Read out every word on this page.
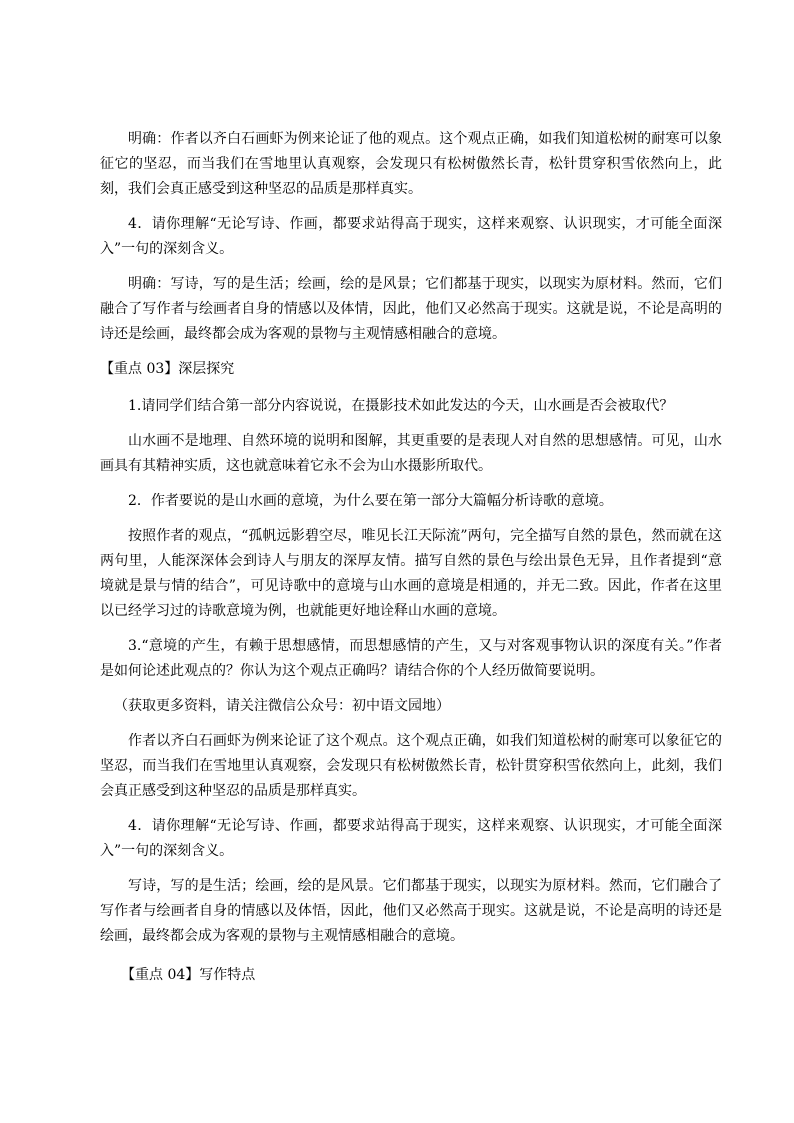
明确：作者以齐白石画虾为例来论证了他的观点。这个观点正确，如我们知道松树的耐寒可以象征它的坚忍，而当我们在雪地里认真观察，会发现只有松树傲然长青，松针贯穿积雪依然向上，此刻，我们会真正感受到这种坚忍的品质是那样真实。

4．请你理解“无论写诗、作画，都要求站得高于现实，这样来观察、认识现实，才可能全面深入”一句的深刻含义。

明确：写诗，写的是生活；绘画，绘的是风景；它们都基于现实，以现实为原材料。然而，它们融合了写作者与绘画者自身的情感以及体情，因此，他们又必然高于现实。这就是说，不论是高明的诗还是绘画，最终都会成为客观的景物与主观情感相融合的意境。

【重点 03】深层探究

1.请同学们结合第一部分内容说说，在摄影技术如此发达的今天，山水画是否会被取代？

山水画不是地理、自然环境的说明和图解，其更重要的是表现人对自然的思想感情。可见，山水画具有其精神实质，这也就意味着它永不会为山水摄影所取代。

2．作者要说的是山水画的意境，为什么要在第一部分大篇幅分析诗歌的意境。

按照作者的观点，“孤帆远影碧空尽，唯见长江天际流”两句，完全描写自然的景色，然而就在这两句里，人能深深体会到诗人与朋友的深厚友情。描写自然的景色与绘出景色无异，且作者提到“意境就是景与情的结合”，可见诗歌中的意境与山水画的意境是相通的，并无二致。因此，作者在这里以已经学习过的诗歌意境为例，也就能更好地诠释山水画的意境。

3.“意境的产生，有赖于思想感情，而思想感情的产生，又与对客观事物认识的深度有关。”作者是如何论述此观点的？你认为这个观点正确吗？请结合你的个人经历做简要说明。

（获取更多资料，请关注微信公众号：初中语文园地）

作者以齐白石画虾为例来论证了这个观点。这个观点正确，如我们知道松树的耐寒可以象征它的坚忍，而当我们在雪地里认真观察，会发现只有松树傲然长青，松针贯穿积雪依然向上，此刻，我们会真正感受到这种坚忍的品质是那样真实。

4．请你理解“无论写诗、作画，都要求站得高于现实，这样来观察、认识现实，才可能全面深入”一句的深刻含义。

写诗，写的是生活；绘画，绘的是风景。它们都基于现实，以现实为原材料。然而，它们融合了写作者与绘画者自身的情感以及体悟，因此，他们又必然高于现实。这就是说，不论是高明的诗还是绘画，最终都会成为客观的景物与主观情感相融合的意境。

【重点 04】写作特点
